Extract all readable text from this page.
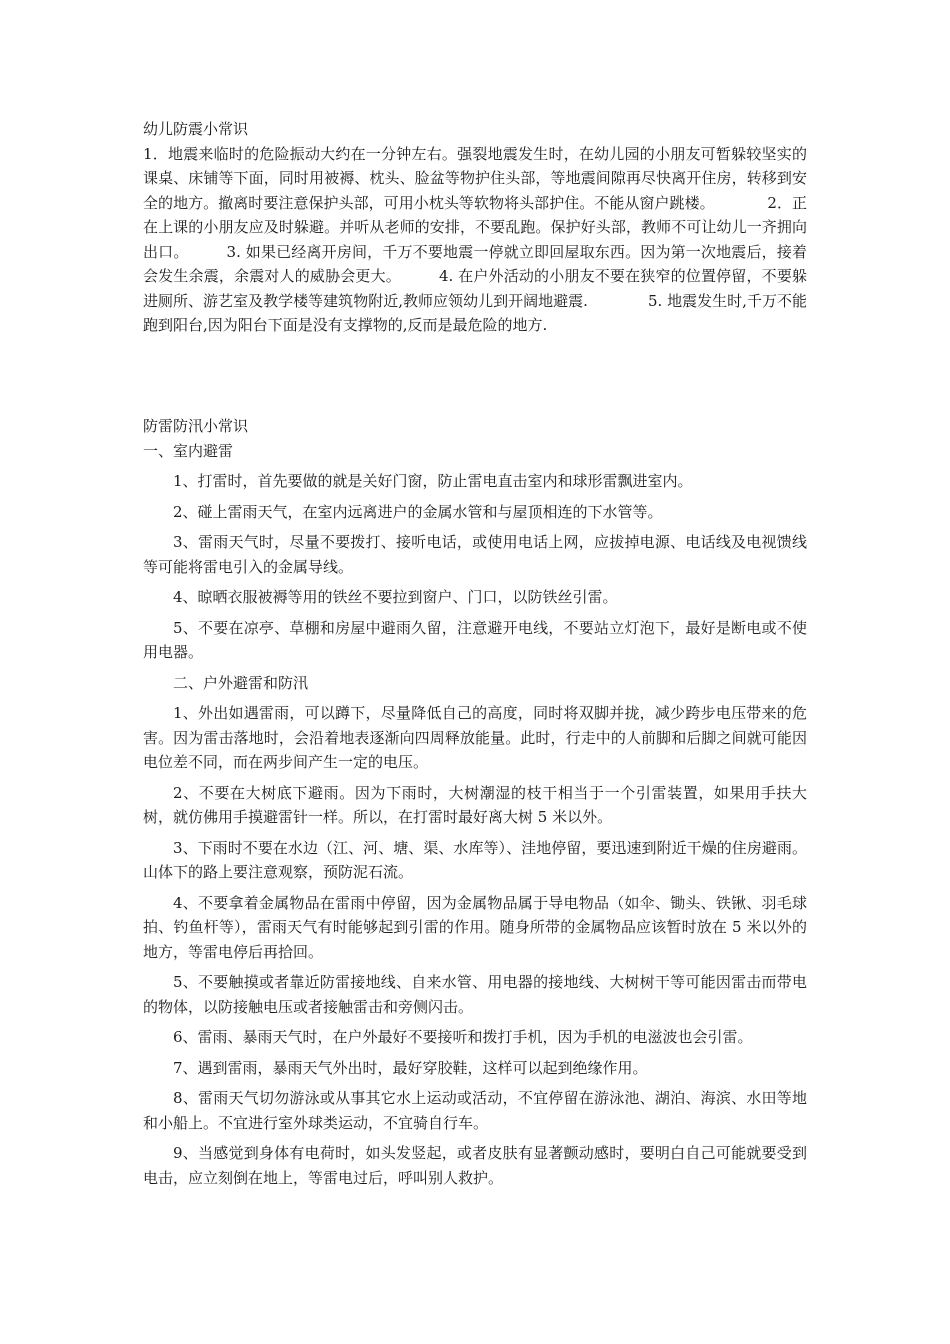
幼儿防震小常识

1．地震来临时的危险振动大约在一分钟左右。强裂地震发生时，在幼儿园的小朋友可暂躲较坚实的课桌、床铺等下面，同时用被褥、枕头、脸盆等物护住头部，等地震间隙再尽快离开住房，转移到安全的地方。撤离时要注意保护头部，可用小枕头等软物将头部护住。不能从窗户跳楼。　　　　2．正在上课的小朋友应及时躲避。并听从老师的安排，不要乱跑。保护好头部，教师不可让幼儿一齐拥向出口。　　　3. 如果已经离开房间，千万不要地震一停就立即回屋取东西。因为第一次地震后，接着会发生余震，余震对人的威胁会更大。　　　4. 在户外活动的小朋友不要在狭窄的位置停留，不要躲进厕所、游艺室及教学楼等建筑物附近,教师应领幼儿到开阔地避震.　　　　5. 地震发生时,千万不能跑到阳台,因为阳台下面是没有支撑物的,反而是最危险的地方.

防雷防汛小常识

一、室内避雷

1、打雷时，首先要做的就是关好门窗，防止雷电直击室内和球形雷飘进室内。

2、碰上雷雨天气，在室内远离进户的金属水管和与屋顶相连的下水管等。

3、雷雨天气时，尽量不要拨打、接听电话，或使用电话上网，应拔掉电源、电话线及电视馈线等可能将雷电引入的金属导线。

4、晾晒衣服被褥等用的铁丝不要拉到窗户、门口，以防铁丝引雷。

5、不要在凉亭、草棚和房屋中避雨久留，注意避开电线，不要站立灯泡下，最好是断电或不使用电器。

二、户外避雷和防汛

1、外出如遇雷雨，可以蹲下，尽量降低自己的高度，同时将双脚并拢，减少跨步电压带来的危害。因为雷击落地时，会沿着地表逐渐向四周释放能量。此时，行走中的人前脚和后脚之间就可能因电位差不同，而在两步间产生一定的电压。

2、不要在大树底下避雨。因为下雨时，大树潮湿的枝干相当于一个引雷装置，如果用手扶大树，就仿佛用手摸避雷针一样。所以，在打雷时最好离大树 5 米以外。

3、下雨时不要在水边（江、河、塘、渠、水库等）、洼地停留，要迅速到附近干燥的住房避雨。山体下的路上要注意观察，预防泥石流。

4、不要拿着金属物品在雷雨中停留，因为金属物品属于导电物品（如伞、锄头、铁锹、羽毛球拍、钓鱼杆等），雷雨天气有时能够起到引雷的作用。随身所带的金属物品应该暂时放在 5 米以外的地方，等雷电停后再拾回。

5、不要触摸或者靠近防雷接地线、自来水管、用电器的接地线、大树树干等可能因雷击而带电的物体，以防接触电压或者接触雷击和旁侧闪击。

6、雷雨、暴雨天气时，在户外最好不要接听和拨打手机，因为手机的电滋波也会引雷。

7、遇到雷雨，暴雨天气外出时，最好穿胶鞋，这样可以起到绝缘作用。

8、雷雨天气切勿游泳或从事其它水上运动或活动，不宜停留在游泳池、湖泊、海滨、水田等地和小船上。不宜进行室外球类运动，不宜骑自行车。

9、当感觉到身体有电荷时，如头发竖起，或者皮肤有显著颤动感时，要明白自己可能就要受到电击，应立刻倒在地上，等雷电过后，呼叫别人救护。
